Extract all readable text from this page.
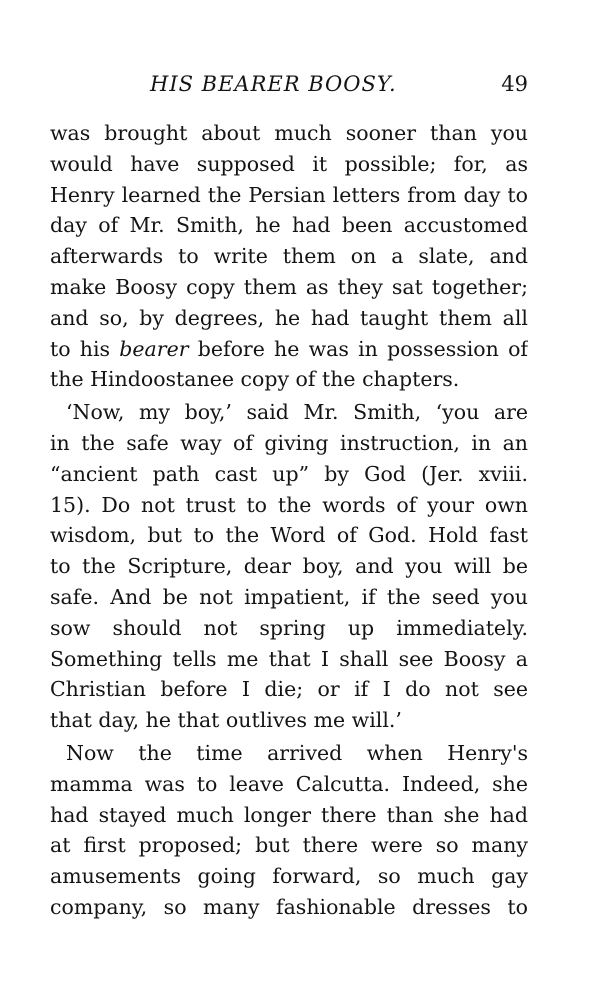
HIS BEARER BOOSY.	49
was brought about much sooner than you
would have supposed it possible; for, as
Henry learned the Persian letters from day to
day of Mr. Smith, he had been accustomed
afterwards to write them on a slate, and
make Boosy copy them as they sat together;
and so, by degrees, he had taught them all
to his bearer before he was in possession of
the Hindoostanee copy of the chapters.
‘Now, my boy,’ said Mr. Smith, ‘you are
in the safe way of giving instruction, in an
“ancient path cast up” by God (Jer. xviii.
15). Do not trust to the words of your own
wisdom, but to the Word of God. Hold fast
to the Scripture, dear boy, and you will be
safe. And be not impatient, if the seed you
sow should not spring up immediately.
Something tells me that I shall see Boosy a
Christian before I die; or if I do not see
that day, he that outlives me will.’
Now the time arrived when Henry's
mamma was to leave Calcutta. Indeed, she
had stayed much longer there than she had
at first proposed; but there were so many
amusements going forward, so much gay
company, so many fashionable dresses to
